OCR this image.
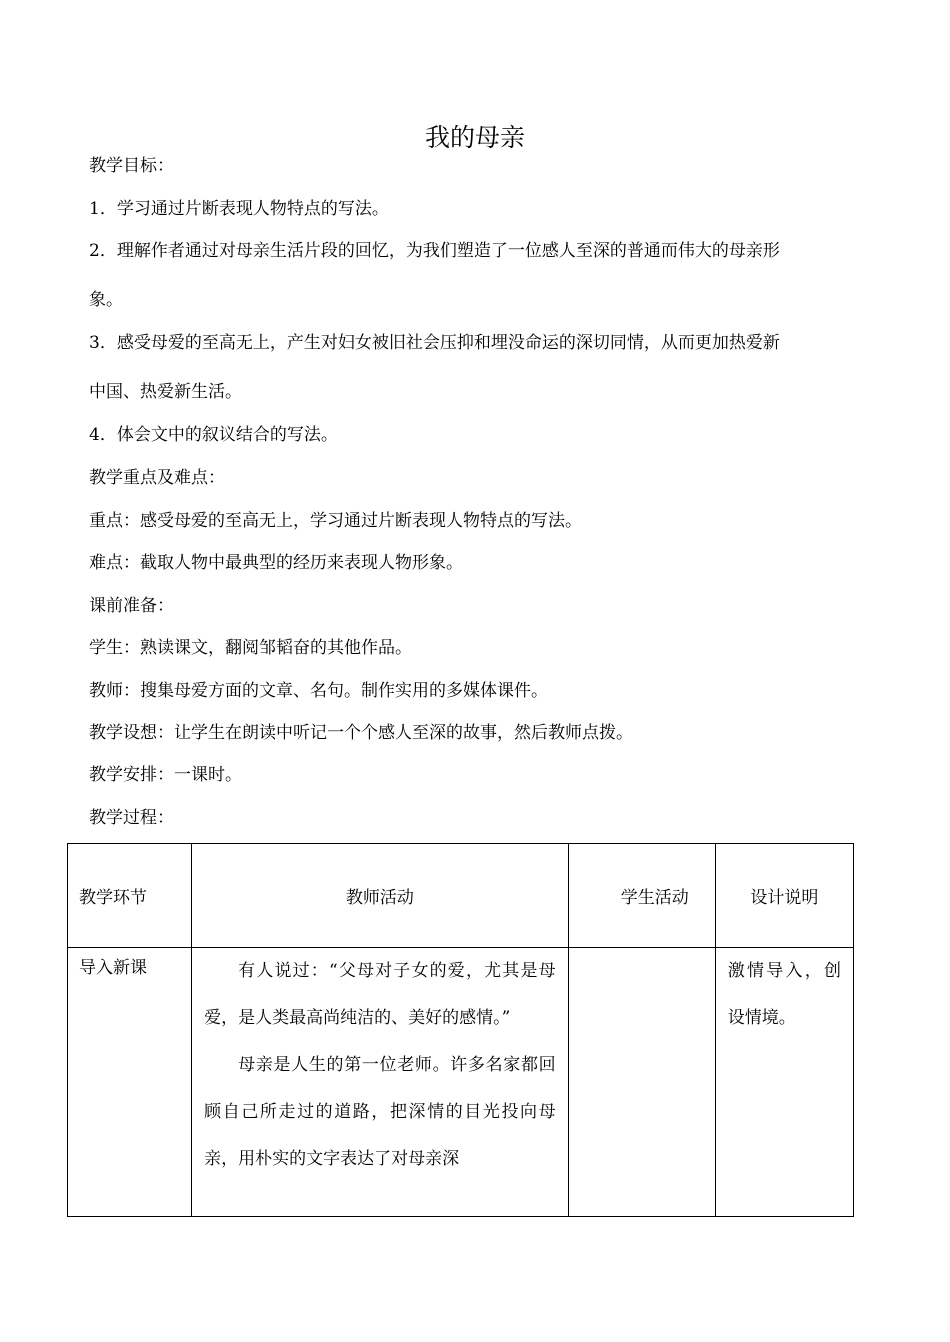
我的母亲
教学目标：
1．学习通过片断表现人物特点的写法。
2．理解作者通过对母亲生活片段的回忆，为我们塑造了一位感人至深的普通而伟大的母亲形
象。
3．感受母爱的至高无上，产生对妇女被旧社会压抑和埋没命运的深切同情，从而更加热爱新
中国、热爱新生活。
4．体会文中的叙议结合的写法。
教学重点及难点：
重点：感受母爱的至高无上，学习通过片断表现人物特点的写法。
难点：截取人物中最典型的经历来表现人物形象。
课前准备：
学生：熟读课文，翻阅邹韬奋的其他作品。
教师：搜集母爱方面的文章、名句。制作实用的多媒体课件。
教学设想：让学生在朗读中听记一个个感人至深的故事，然后教师点拨。
教学安排：一课时。
教学过程：
教学环节	教师活动	学生活动	设计说明
导入新课	有人说过：“父母对子女的爱，尤其是母爱，是人类最高尚纯洁的、美好的感情。”
母亲是人生的第一位老师。许多名家都回顾自己所走过的道路，把深情的目光投向母亲，用朴实的文字表达了对母亲深		激情导入，创设情境。
